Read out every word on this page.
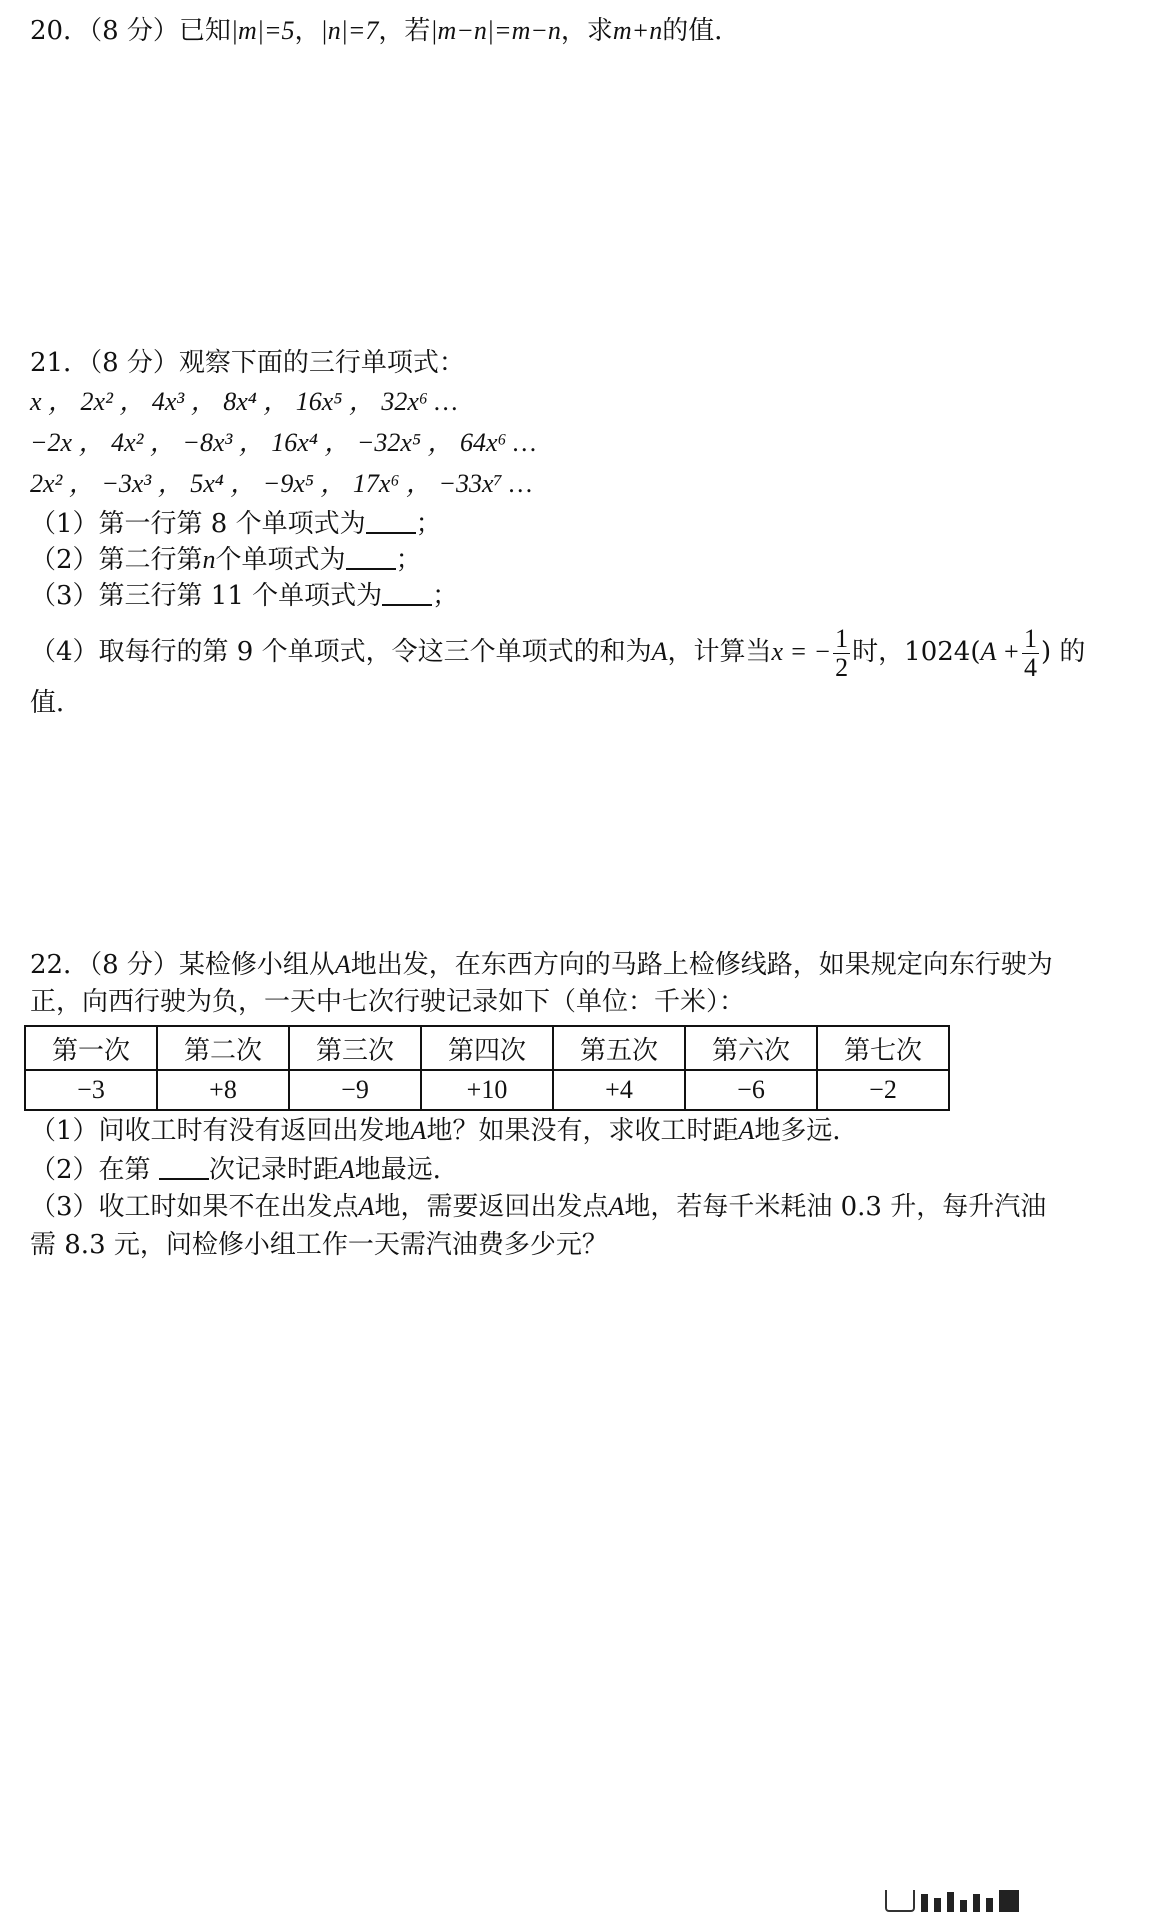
20．（8 分）已知|m|=5，|n|=7，若|m−n|=m−n，求m+n的值．
21．（8 分）观察下面的三行单项式：
x ， 2x² ， 4x³ ， 8x⁴ ， 16x⁵ ， 32x⁶ …
−2x ， 4x² ， −8x³ ， 16x⁴ ， −32x⁵ ， 64x⁶ …
2x² ， −3x³ ， 5x⁴ ， −9x⁵ ， 17x⁶ ， −33x⁷ …
（1）第一行第 8 个单项式为 ；
（2）第二行第n个单项式为 ；
（3）第三行第 11 个单项式为 ；
（4）取每行的第 9 个单项式，令这三个单项式的和为A，计算当x = − $\frac{1}{2}$ 时，$1024(A + \frac{1}{4}$ ) 的
值．
22．（8 分）某检修小组从A地出发，在东西方向的马路上检修线路，如果规定向东行驶为
正，向西行驶为负，一天中七次行驶记录如下（单位：千米）：
第一次	第二次	第三次	第四次	第五次	第六次	第七次
−3	+8	−9	+10	+4	−6	−2
（1）问收工时有没有返回出发地A地？如果没有，求收工时距A地多远．
（2）在第 次记录时距A地最远．
（3）收工时如果不在出发点A地，需要返回出发点A地，若每千米耗油 0.3 升，每升汽油
需 8.3 元，问检修小组工作一天需汽油费多少元？
